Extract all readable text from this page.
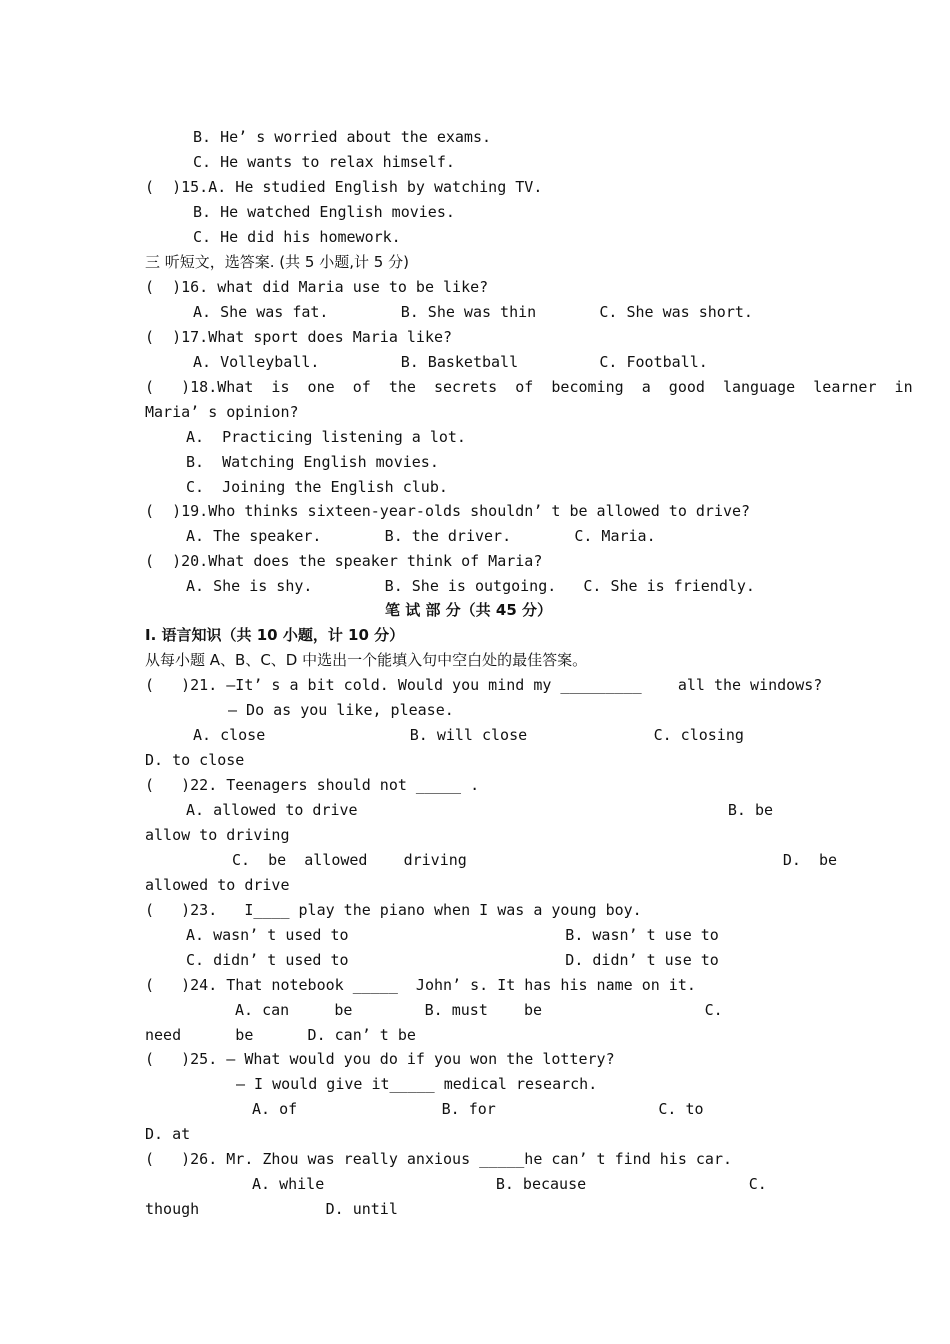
B. He’ s worried about the exams.
C. He wants to relax himself.
(  )15.A. He studied English by watching TV.
B. He watched English movies.
C. He did his homework.
三 听短文，选答案. (共 5 小题,计 5 分)
(  )16. what did Maria use to be like?
A. She was fat.        B. She was thin       C. She was short.
(  )17.What sport does Maria like?
A. Volleyball.         B. Basketball         C. Football.
(   )18.What  is  one  of  the  secrets  of  becoming  a  good  language  learner  in
Maria’ s opinion?
A.  Practicing listening a lot.
B.  Watching English movies.
C.  Joining the English club.
(  )19.Who thinks sixteen-year-olds shouldn’ t be allowed to drive?
A. The speaker.       B. the driver.       C. Maria.
(  )20.What does the speaker think of Maria?
A. She is shy.        B. She is outgoing.   C. She is friendly.
笔 试 部 分（共 45 分）
Ⅰ. 语言知识（共 10 小题，计 10 分）
从每小题 A、B、C、D 中选出一个能填入句中空白处的最佳答案。
(   )21. —It’ s a bit cold. Would you mind my _________    all the windows?
— Do as you like, please.
A. close                B. will close              C. closing
D. to close
(   )22. Teenagers should not _____ .
A. allowed to drive                                         B. be
allow to driving
C.  be  allowed    driving                                   D.  be
allowed to drive
(   )23.   I____ play the piano when I was a young boy.
A. wasn’ t used to                        B. wasn’ t use to
C. didn’ t used to                        D. didn’ t use to
(   )24. That notebook _____  John’ s. It has his name on it.
A. can     be        B. must    be                  C.
need      be      D. can’ t be
(   )25. — What would you do if you won the lottery?
— I would give it_____ medical research.
A. of                B. for                  C. to
D. at
(   )26. Mr. Zhou was really anxious _____he can’ t find his car.
A. while                   B. because                  C.
though              D. until
